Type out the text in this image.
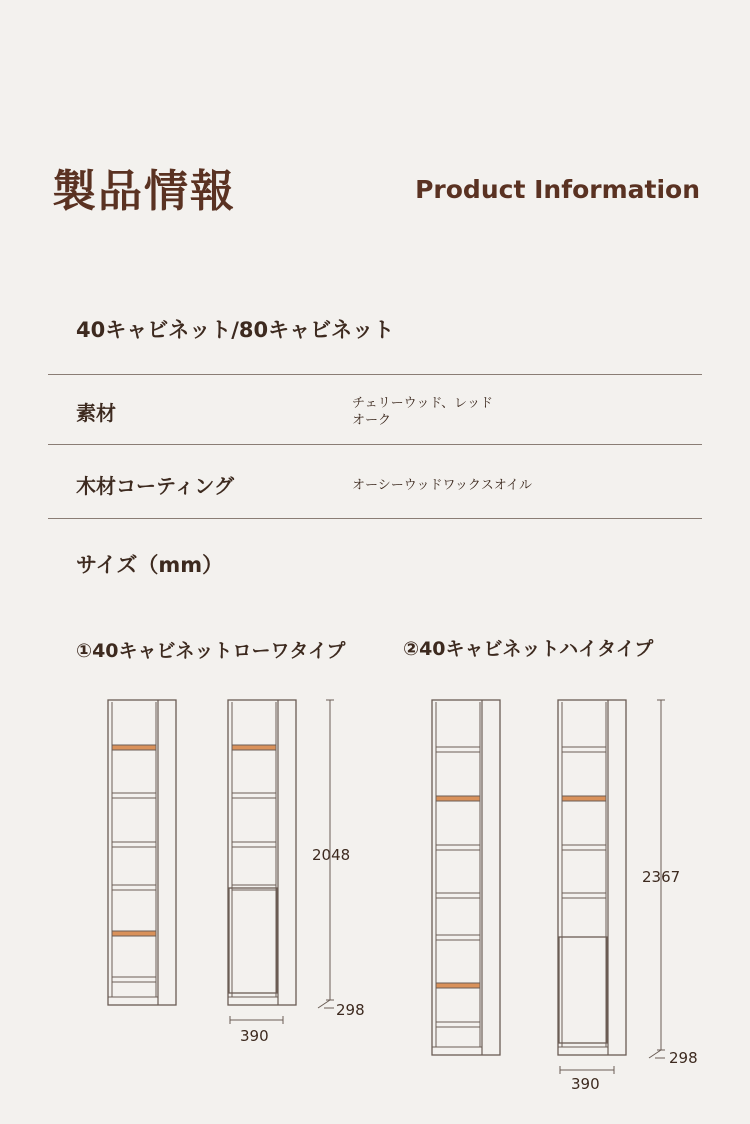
製品情報	Product Information
40キャビネット/80キャビネット
素材	チェリーウッド、レッド
オーク
木材コーティング	オーシーウッドワックスオイル
サイズ（mm）
①40キャビネットローワタイプ	②40キャビネットハイタイプ
2048
298
390
2367
298
390
